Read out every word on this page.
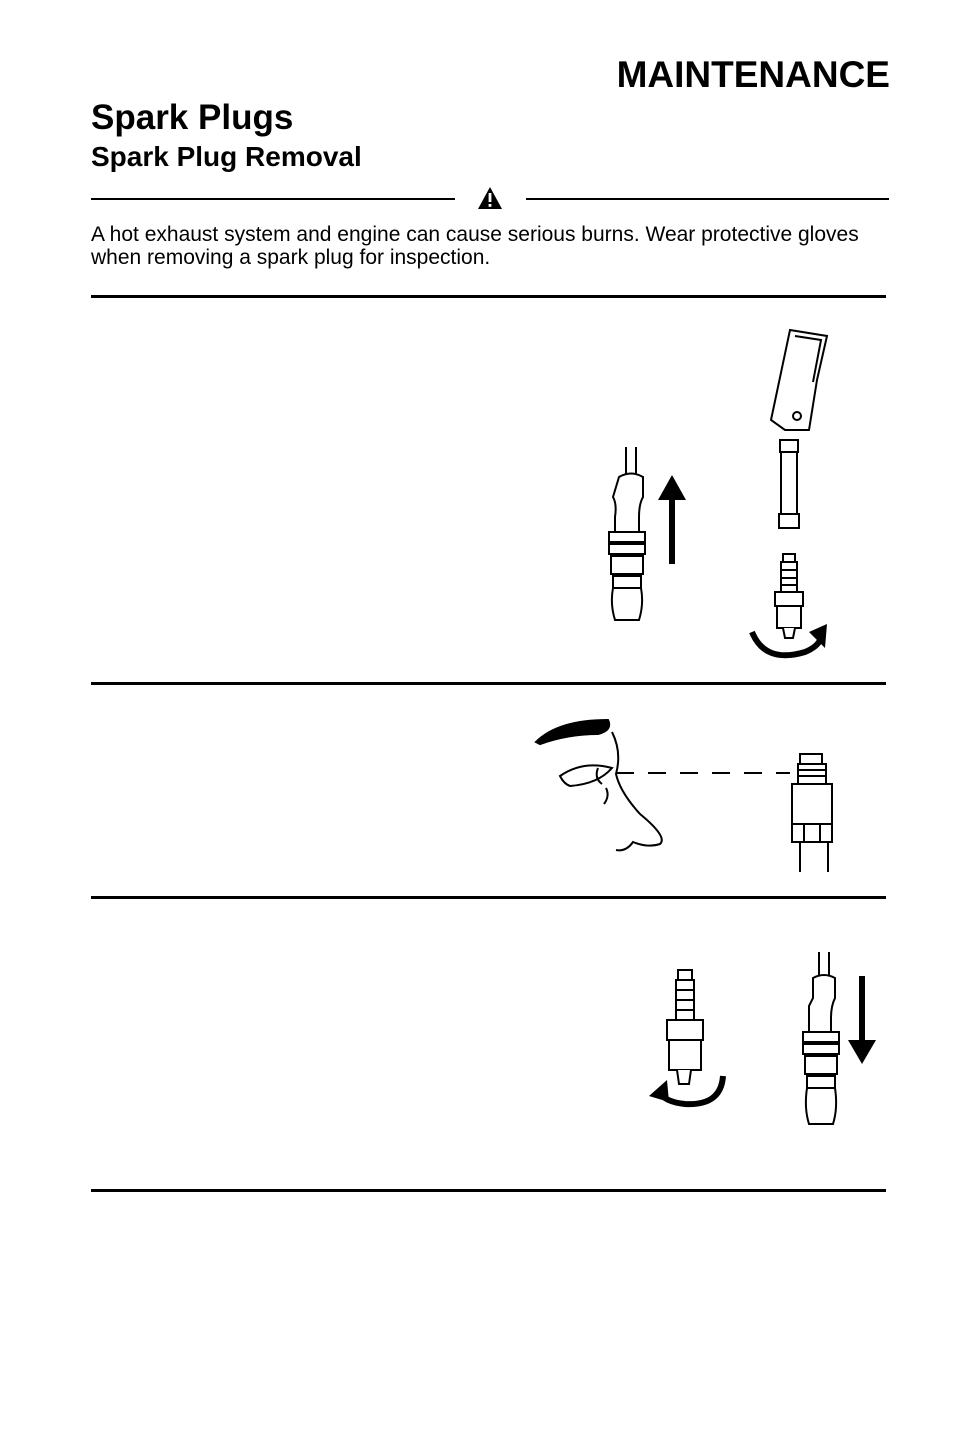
MAINTENANCE
Spark Plugs
Spark Plug Removal

A hot exhaust system and engine can cause serious burns. Wear protective gloves when removing a spark plug for inspection.
